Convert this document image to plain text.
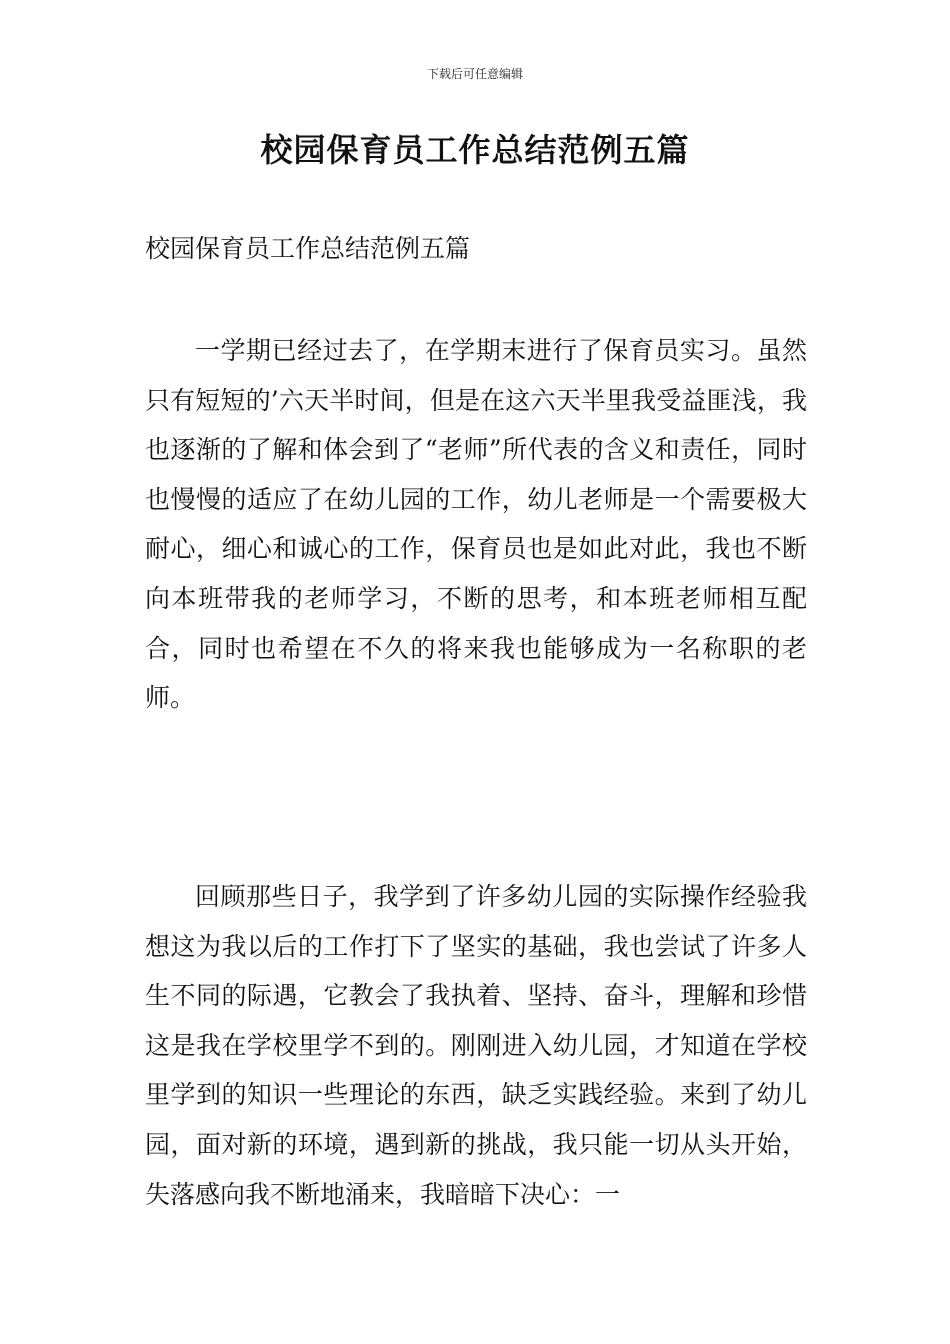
下载后可任意编辑
校园保育员工作总结范例五篇

校园保育员工作总结范例五篇

一学期已经过去了，在学期末进行了保育员实习。虽然只有短短的’六天半时间，但是在这六天半里我受益匪浅，我也逐渐的了解和体会到了“老师”所代表的含义和责任，同时也慢慢的适应了在幼儿园的工作，幼儿老师是一个需要极大耐心，细心和诚心的工作，保育员也是如此对此，我也不断向本班带我的老师学习，不断的思考，和本班老师相互配合，同时也希望在不久的将来我也能够成为一名称职的老师。

回顾那些日子，我学到了许多幼儿园的实际操作经验我想这为我以后的工作打下了坚实的基础，我也尝试了许多人生不同的际遇，它教会了我执着、坚持、奋斗，理解和珍惜这是我在学校里学不到的。刚刚进入幼儿园，才知道在学校里学到的知识一些理论的东西，缺乏实践经验。来到了幼儿园，面对新的环境，遇到新的挑战，我只能一切从头开始，失落感向我不断地涌来，我暗暗下决心：一
